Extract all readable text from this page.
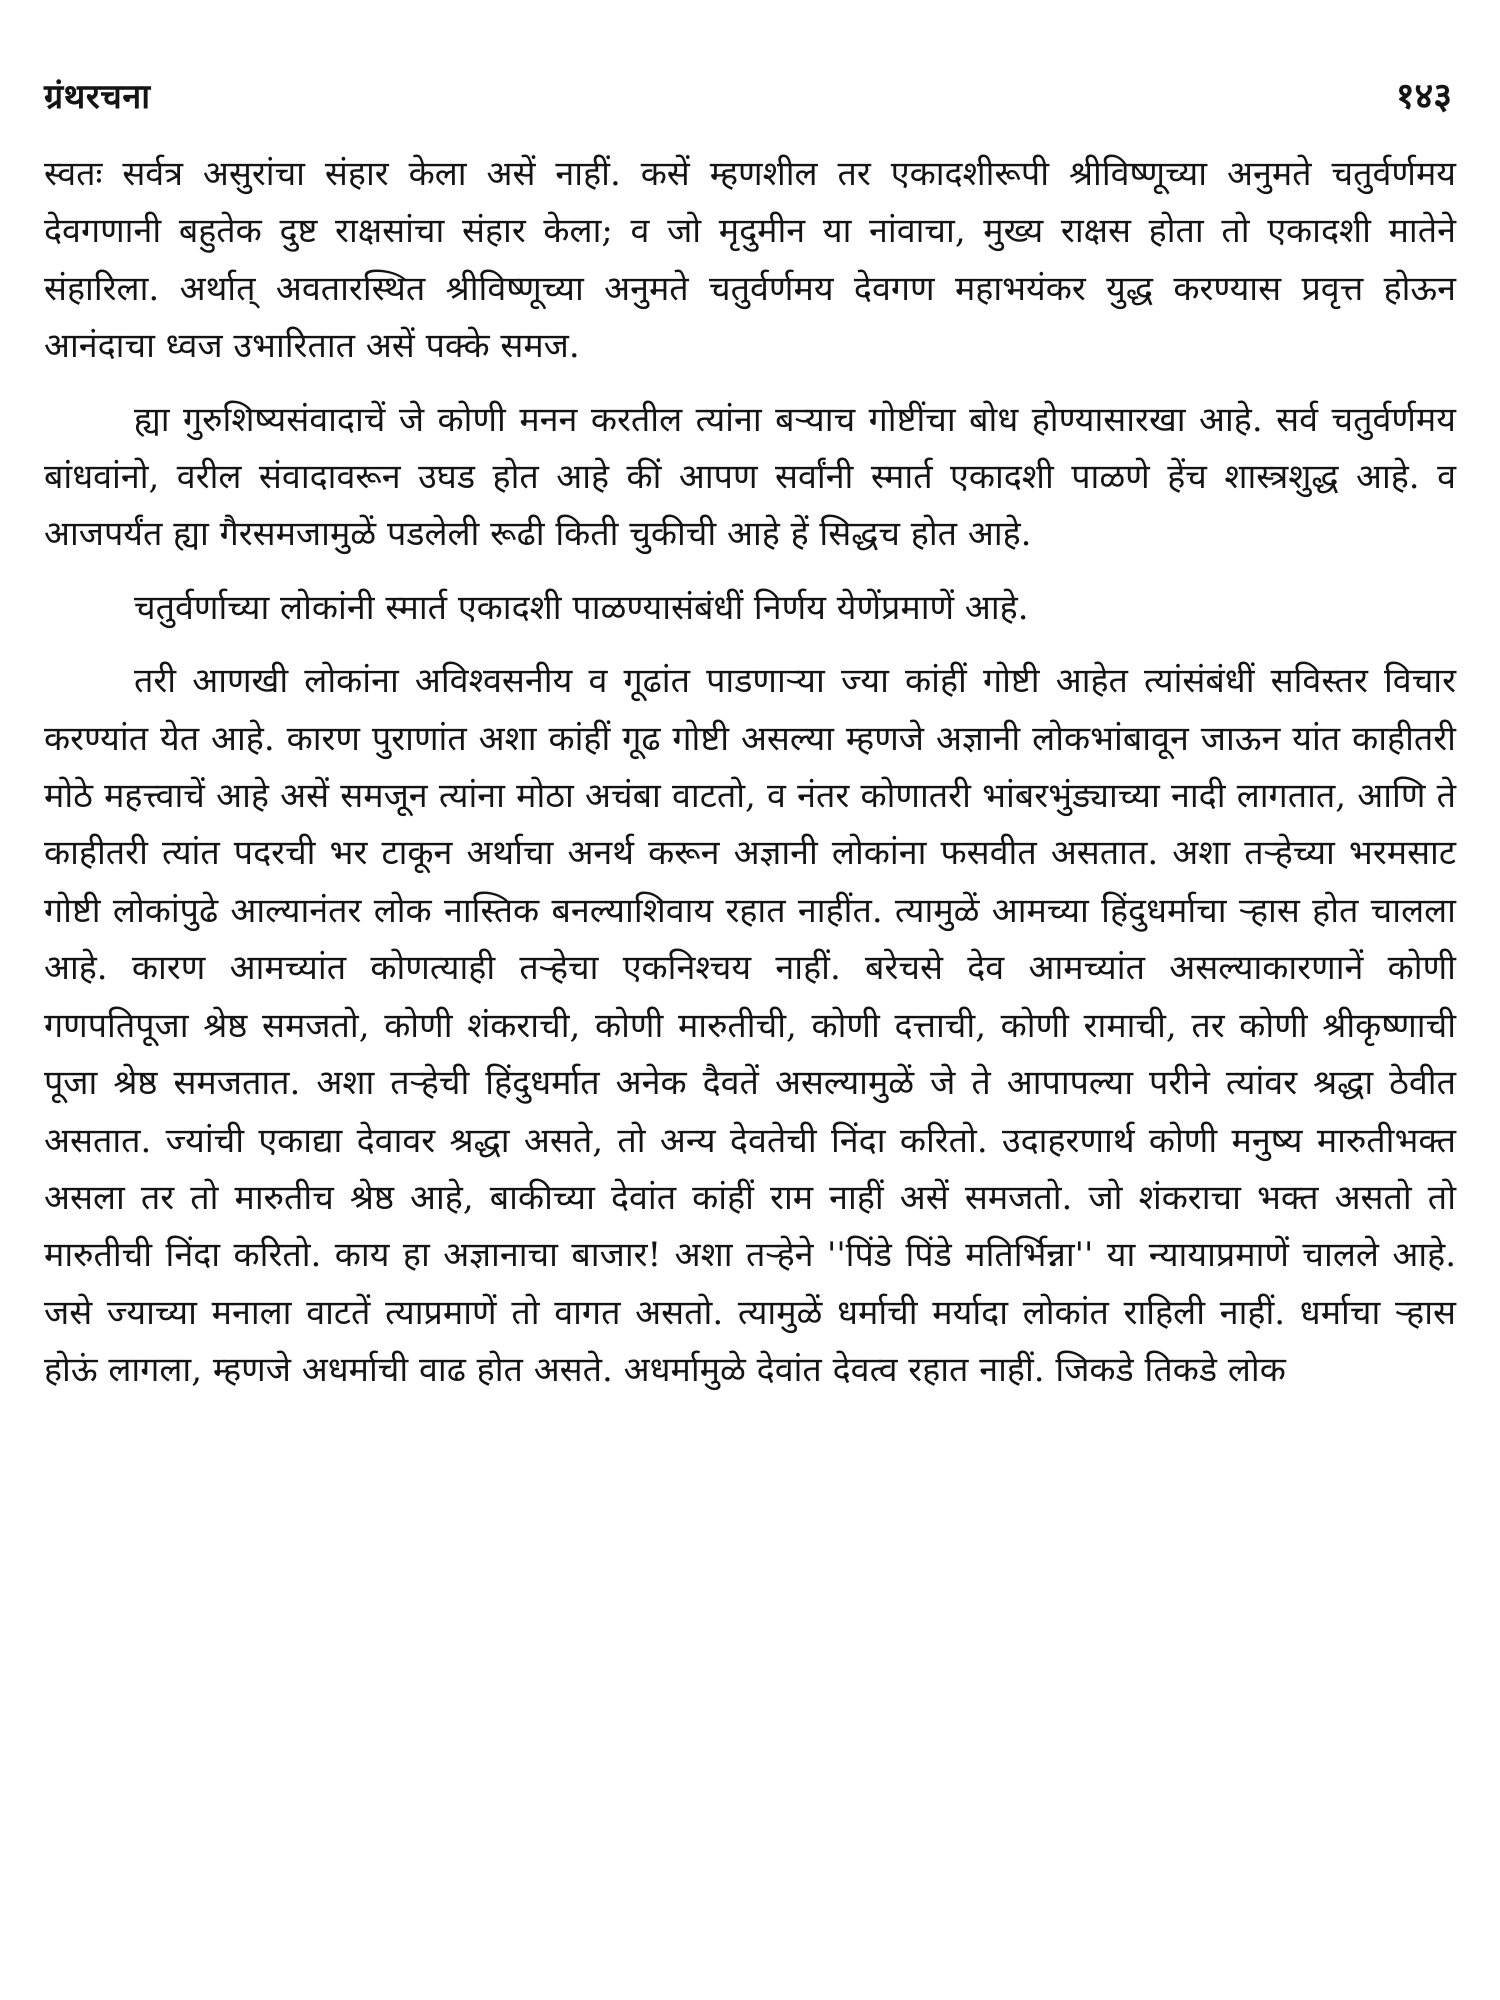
ग्रंथरचना	१४३

स्वतः सर्वत्र असुरांचा संहार केला असें नाहीं. कसें म्हणशील तर एकादशीरूपी श्रीविष्णूच्या अनुमते चतुर्वर्णमय देवगणानी बहुतेक दुष्ट राक्षसांचा संहार केला; व जो मृदुमीन या नांवाचा, मुख्य राक्षस होता तो एकादशी मातेने संहारिला. अर्थात् अवतारस्थित श्रीविष्णूच्या अनुमते चतुर्वर्णमय देवगण महाभयंकर युद्ध करण्यास प्रवृत्त होऊन आनंदाचा ध्वज उभारितात असें पक्के समज.

ह्या गुरुशिष्यसंवादाचें जे कोणी मनन करतील त्यांना बऱ्याच गोष्टींचा बोध होण्यासारखा आहे. सर्व चतुर्वर्णमय बांधवांनो, वरील संवादावरून उघड होत आहे कीं आपण सर्वांनी स्मार्त एकादशी पाळणे हेंच शास्त्रशुद्ध आहे. व आजपर्यंत ह्या गैरसमजामुळें पडलेली रूढी किती चुकीची आहे हें सिद्धच होत आहे.

चतुर्वर्णाच्या लोकांनी स्मार्त एकादशी पाळण्यासंबंधीं निर्णय येणेंप्रमाणें आहे.

तरी आणखी लोकांना अविश्वसनीय व गूढांत पाडणाऱ्या ज्या कांहीं गोष्टी आहेत त्यांसंबंधीं सविस्तर विचार करण्यांत येत आहे. कारण पुराणांत अशा कांहीं गूढ गोष्टी असल्या म्हणजे अज्ञानी लोकभांबावून जाऊन यांत काहीतरी मोठे महत्त्वाचें आहे असें समजून त्यांना मोठा अचंबा वाटतो, व नंतर कोणातरी भांबरभुंड्याच्या नादी लागतात, आणि ते काहीतरी त्यांत पदरची भर टाकून अर्थाचा अनर्थ करून अज्ञानी लोकांना फसवीत असतात. अशा तऱ्हेच्या भरमसाट गोष्टी लोकांपुढे आल्यानंतर लोक नास्तिक बनल्याशिवाय रहात नाहींत. त्यामुळें आमच्या हिंदुधर्माचा ऱ्हास होत चालला आहे. कारण आमच्यांत कोणत्याही तऱ्हेचा एकनिश्चय नाहीं. बरेचसे देव आमच्यांत असल्याकारणानें कोणी गणपतिपूजा श्रेष्ठ समजतो, कोणी शंकराची, कोणी मारुतीची, कोणी दत्ताची, कोणी रामाची, तर कोणी श्रीकृष्णाची पूजा श्रेष्ठ समजतात. अशा तऱ्हेची हिंदुधर्मात अनेक दैवतें असल्यामुळें जे ते आपापल्या परीने त्यांवर श्रद्धा ठेवीत असतात. ज्यांची एकाद्या देवावर श्रद्धा असते, तो अन्य देवतेची निंदा करितो. उदाहरणार्थ कोणी मनुष्य मारुतीभक्त असला तर तो मारुतीच श्रेष्ठ आहे, बाकीच्या देवांत कांहीं राम नाहीं असें समजतो. जो शंकराचा भक्त असतो तो मारुतीची निंदा करितो. काय हा अज्ञानाचा बाजार! अशा तऱ्हेने ''पिंडे पिंडे मतिर्भिन्ना'' या न्यायाप्रमाणें चालले आहे. जसे ज्याच्या मनाला वाटतें त्याप्रमाणें तो वागत असतो. त्यामुळें धर्माची मर्यादा लोकांत राहिली नाहीं. धर्माचा ऱ्हास होऊं लागला, म्हणजे अधर्माची वाढ होत असते. अधर्मामुळे देवांत देवत्व रहात नाहीं. जिकडे तिकडे लोक
